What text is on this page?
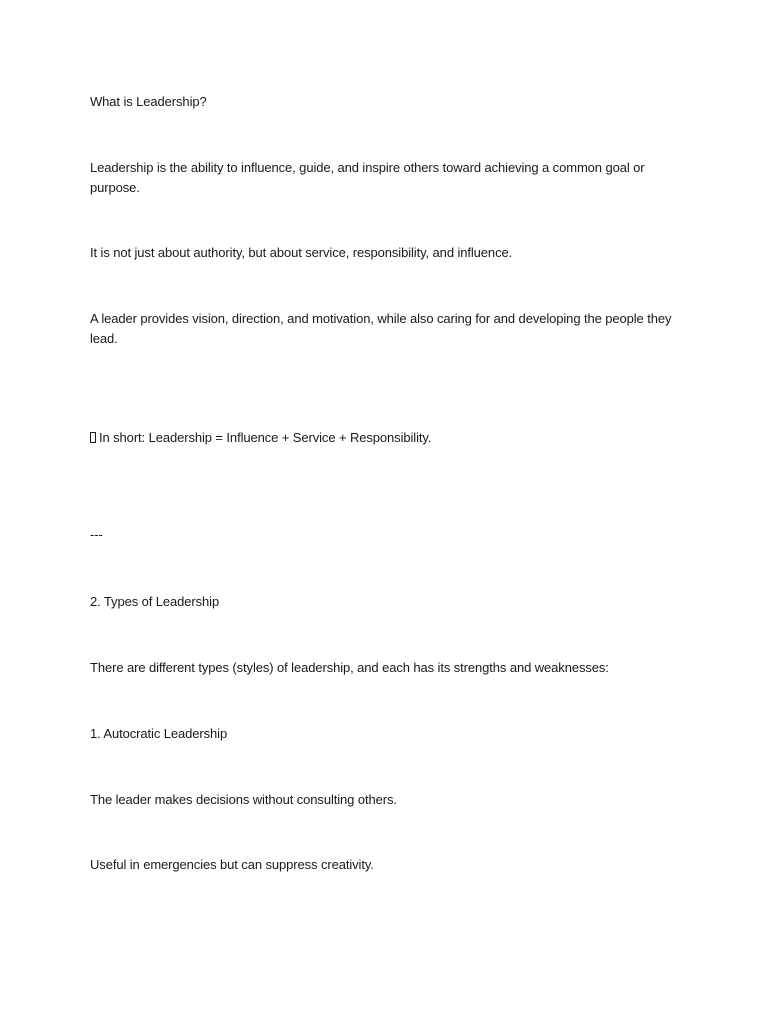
What is Leadership?

Leadership is the ability to influence, guide, and inspire others toward achieving a common goal or purpose.

It is not just about authority, but about service, responsibility, and influence.

A leader provides vision, direction, and motivation, while also caring for and developing the people they lead.

In short: Leadership = Influence + Service + Responsibility.

---

2. Types of Leadership

There are different types (styles) of leadership, and each has its strengths and weaknesses:

1. Autocratic Leadership

The leader makes decisions without consulting others.

Useful in emergencies but can suppress creativity.
